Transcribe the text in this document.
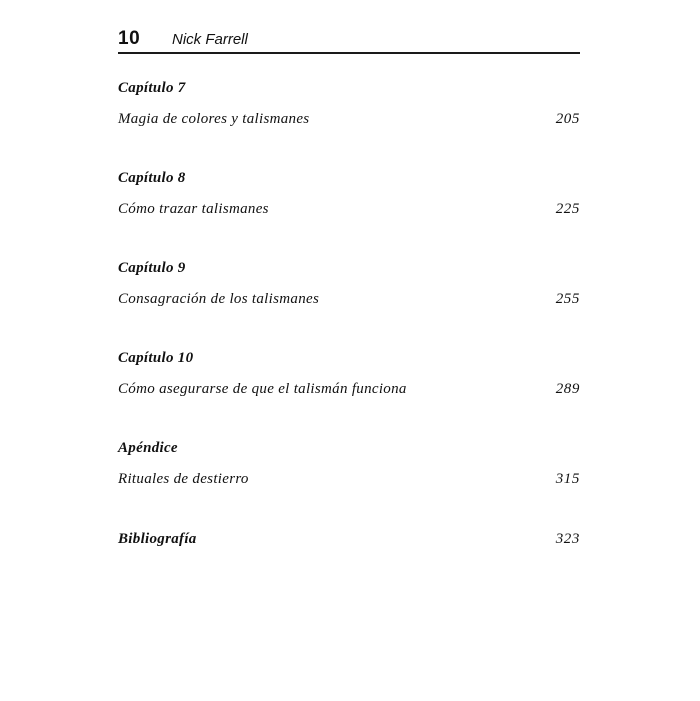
10 Nick Farrell
Capítulo 7
Magia de colores y talismanes	205
Capítulo 8
Cómo trazar talismanes	225
Capítulo 9
Consagración de los talismanes	255
Capítulo 10
Cómo asegurarse de que el talismán funciona	289
Apéndice
Rituales de destierro	315
Bibliografía	323
